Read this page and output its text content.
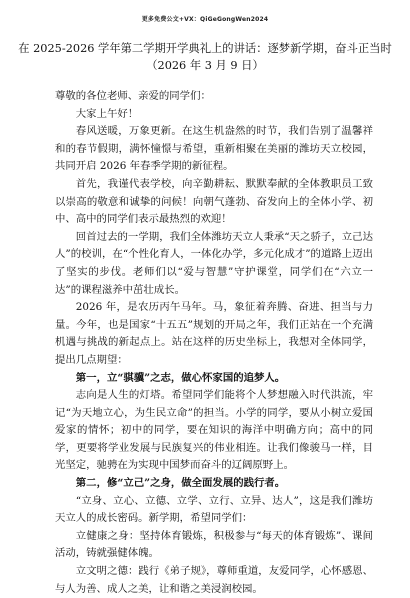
更多免费公文+VX：QiGeGongWen2024
在 2025-2026 学年第二学期开学典礼上的讲话：逐梦新学期，奋斗正当时
（2026 年 3 月 9 日）

尊敬的各位老师、亲爱的同学们：

大家上午好！

春风送暖，万象更新。在这生机盎然的时节，我们告别了温馨祥和的春节假期，满怀憧憬与希望，重新相聚在美丽的潍坊天立校园，共同开启 2026 年春季学期的新征程。

首先，我谨代表学校，向辛勤耕耘、默默奉献的全体教职员工致以崇高的敬意和诚挚的问候！向朝气蓬勃、奋发向上的全体小学、初中、高中的同学们表示最热烈的欢迎！

回首过去的一学期，我们全体潍坊天立人秉承“天之骄子，立己达人”的校训，在“个性化育人，一体化办学，多元化成才”的道路上迈出了坚实的步伐。老师们以“爱与智慧”守护课堂，同学们在“六立一达”的课程滋养中茁壮成长。

2026 年，是农历丙午马年。马，象征着奔腾、奋进、担当与力量。今年，也是国家“十五五”规划的开局之年，我们正站在一个充满机遇与挑战的新起点上。站在这样的历史坐标上，我想对全体同学，提出几点期望：

第一，立“骐骥”之志，做心怀家国的追梦人。

志向是人生的灯塔。希望同学们能将个人梦想融入时代洪流，牢记“为天地立心，为生民立命”的担当。小学的同学，要从小树立爱国爱家的情怀；初中的同学，要在知识的海洋中明确方向；高中的同学，更要将学业发展与民族复兴的伟业相连。让我们像骏马一样，目光坚定，驰骋在为实现中国梦而奋斗的辽阔原野上。

第二，修“立己”之身，做全面发展的践行者。

“立身、立心、立德、立学、立行、立异、达人”，这是我们潍坊天立人的成长密码。新学期，希望同学们：

立健康之身：坚持体育锻炼，积极参与“每天的体育锻炼”、课间活动，铸就强健体魄。

立文明之德：践行《弟子规》，尊师重道，友爱同学，心怀感恩、与人为善、成人之美，让和谐之美浸润校园。
